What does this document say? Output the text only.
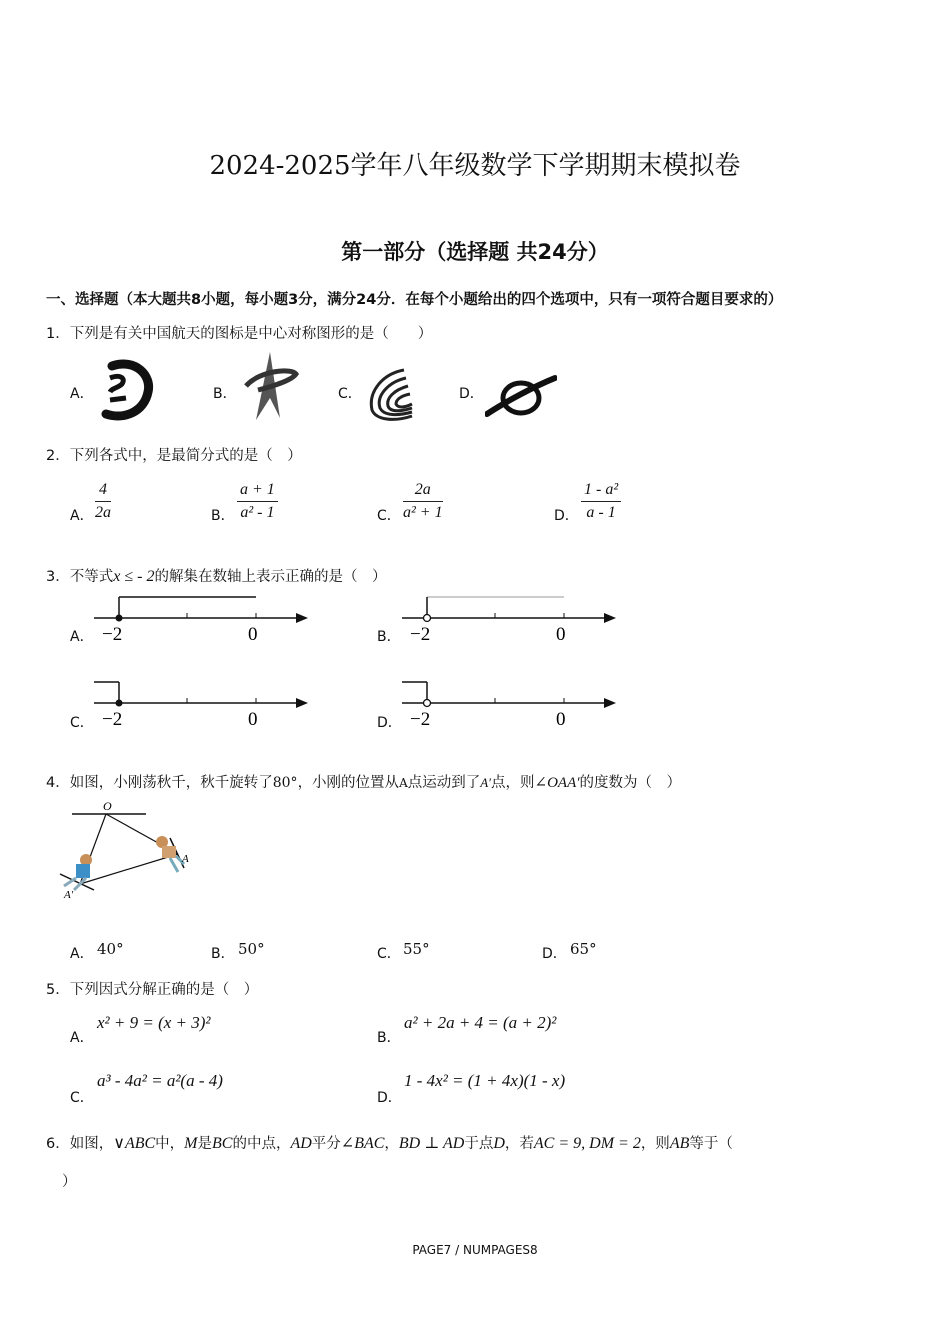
2024-2025学年八年级数学下学期期末模拟卷
第一部分（选择题 共24分）
一、选择题（本大题共8小题，每小题3分，满分24分．在每个小题给出的四个选项中，只有一项符合题目要求的）
1．下列是有关中国航天的图标是中心对称图形的是（　　）
A．	B．	C．	D．
2．下列各式中，是最简分式的是（　）
A．	B．	C．	D．
$\frac{4}{2a}$	$\frac{a + 1}{\text{a² - 1}}$	$\frac{2a}{\text{a² + 1}}$	$\frac{\text{1 - a²}}{a - 1}$
3．不等式x ≤ - 2的解集在数轴上表示正确的是（　）
A．	B．
C．	D．
−2	0	−2	0
−2	0	−2	0
4．如图，小刚荡秋千，秋千旋转了80°，小刚的位置从A点运动到了A′点，则∠OAA′的度数为（　）
O
A
A′
A． 40°	B． 50°	C． 55°	D． 65°
5．下列因式分解正确的是（　）
A．
x² + 9 = (x + 3)²
B．
a² + 2a + 4 = (a + 2)²
C．
a³ - 4a² = a²(a - 4)
D．
1 - 4x² = (1 + 4x)(1 - x)
6．如图，∨ABC中，M是BC的中点，AD平分∠BAC，BD ⊥ AD于点D，若AC = 9, DM = 2，则AB等于（
）
PAGE7 / NUMPAGES8
